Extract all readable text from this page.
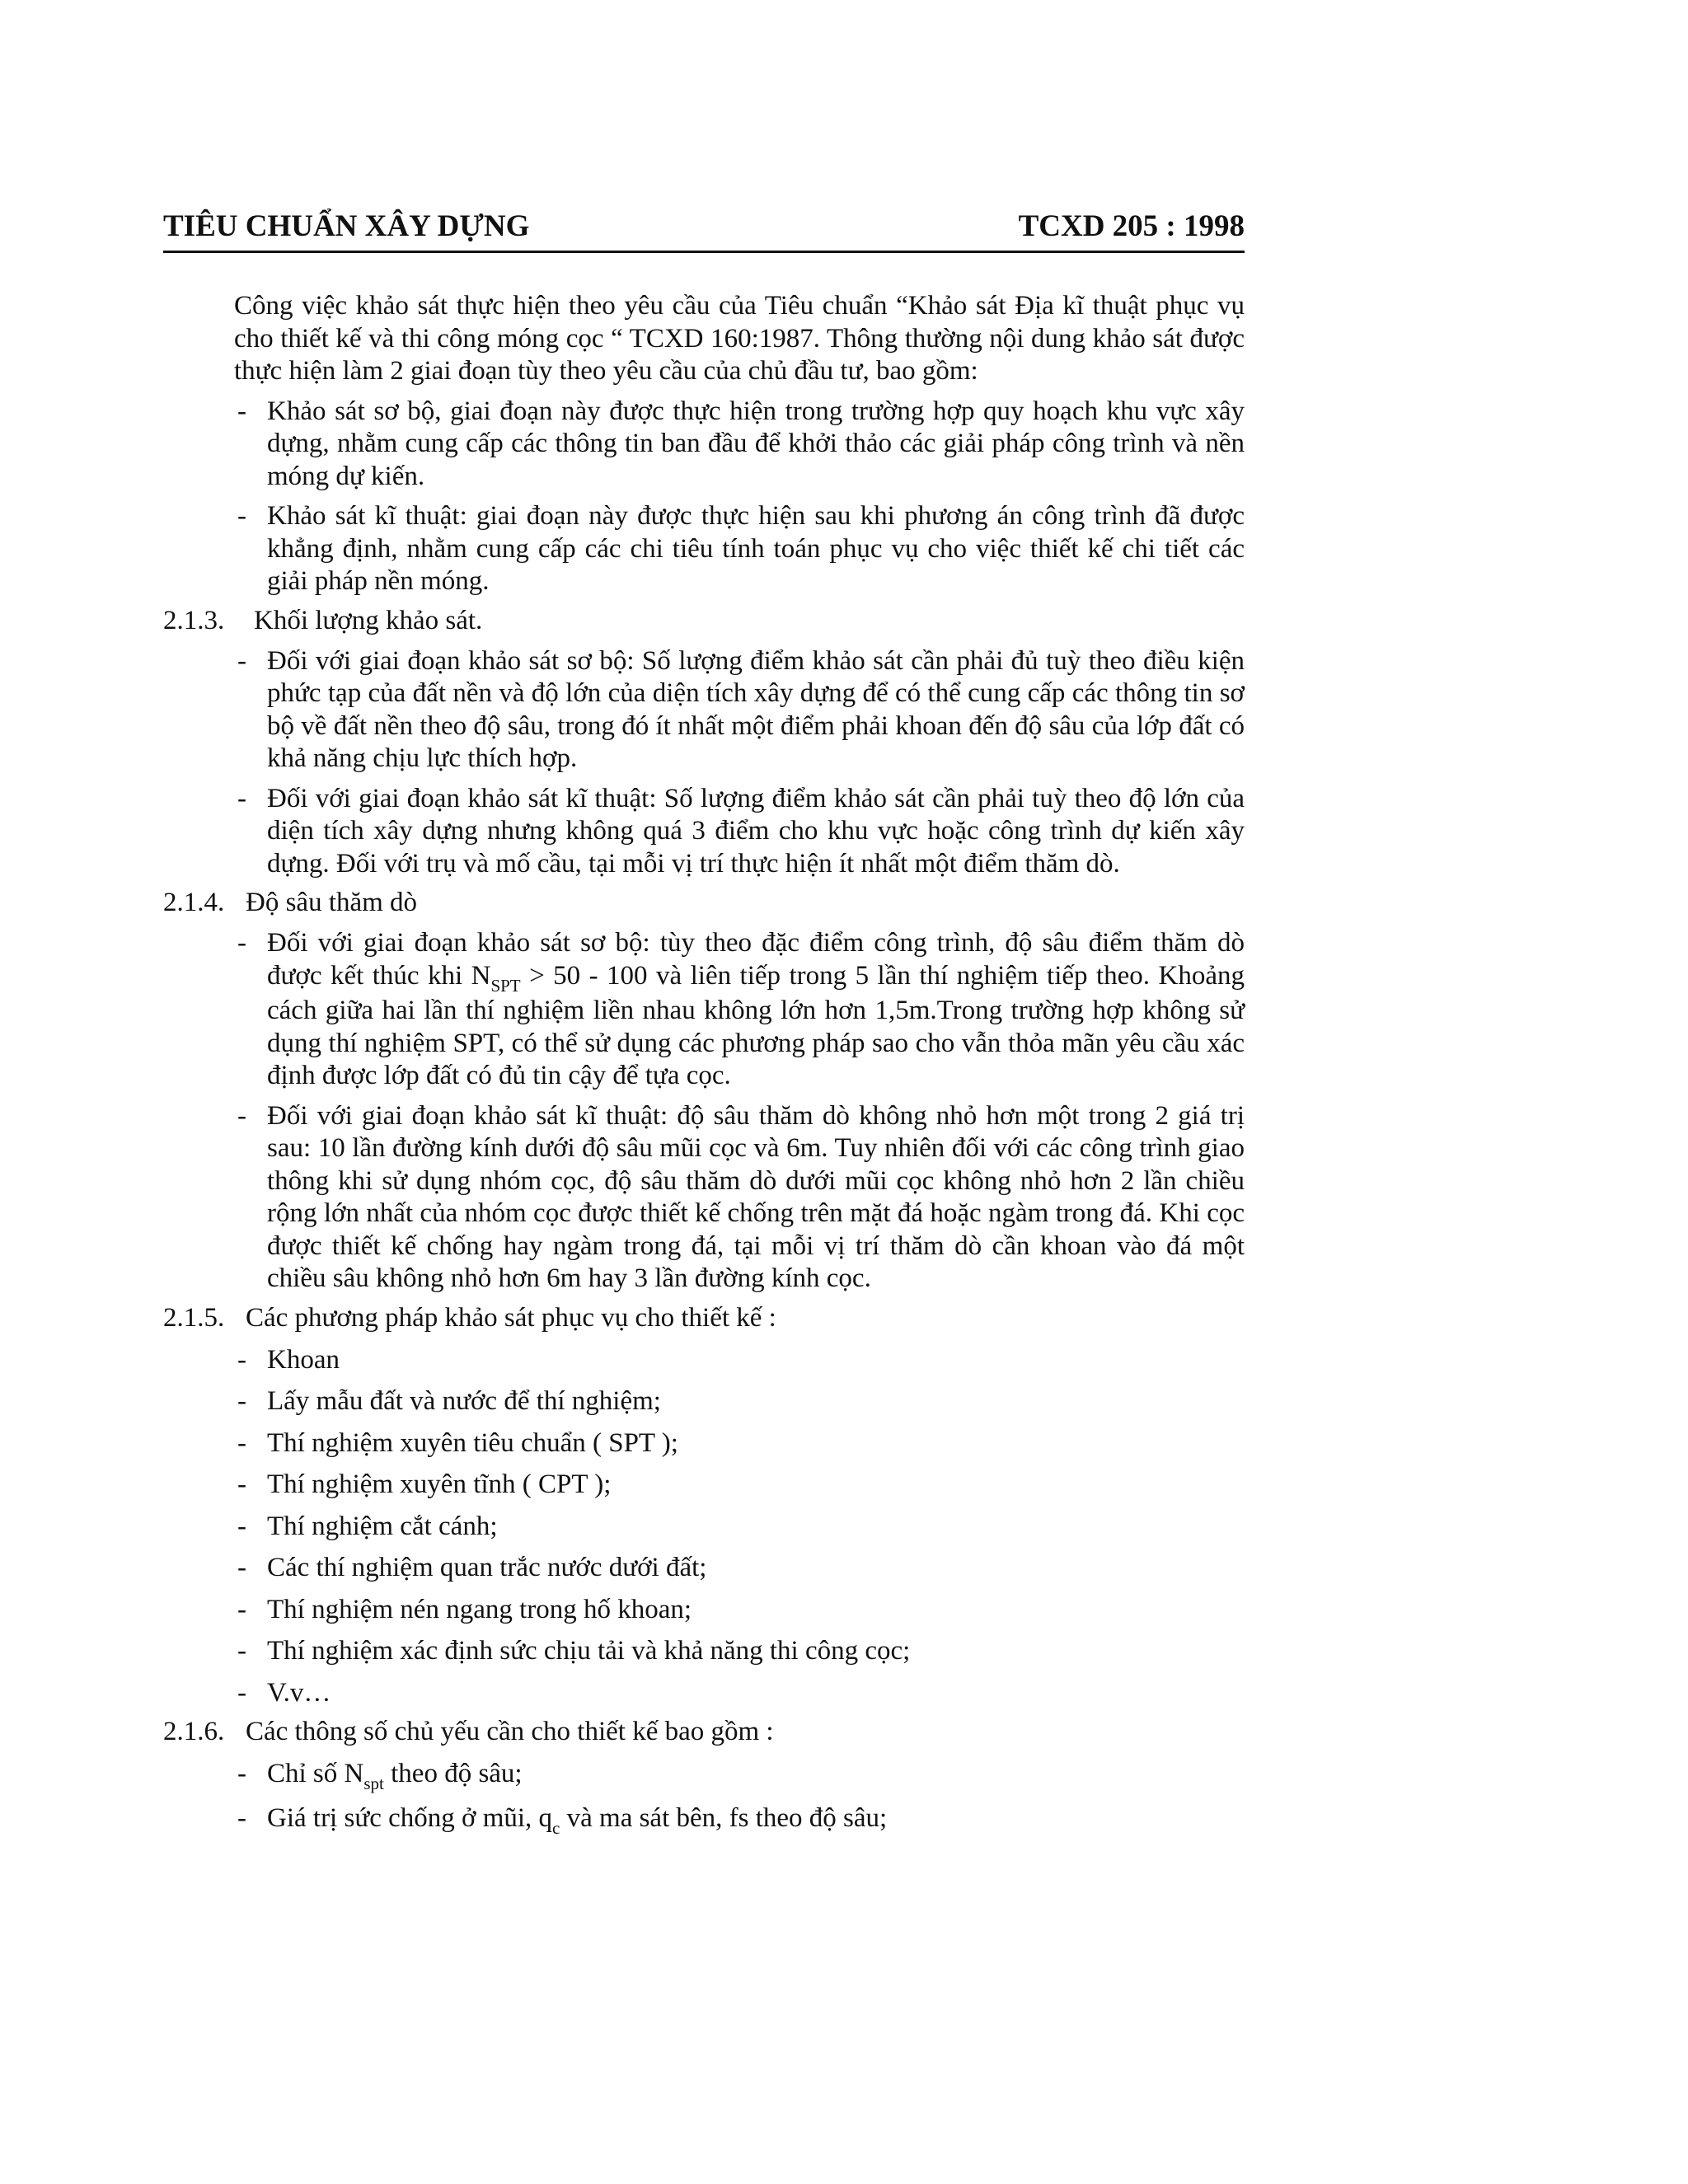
TIÊU CHUẨN XÂY DỰNG	TCXD 205 : 1998
Công việc khảo sát thực hiện theo yêu cầu của Tiêu chuẩn “Khảo sát Địa kĩ thuật phục vụ cho thiết kế và thi công móng cọc “ TCXD 160:1987. Thông thường nội dung khảo sát được thực hiện làm 2 giai đoạn tùy theo yêu cầu của chủ đầu tư, bao gồm:
- Khảo sát sơ bộ, giai đoạn này được thực hiện trong trường hợp quy hoạch khu vực xây dựng, nhằm cung cấp các thông tin ban đầu để khởi thảo các giải pháp công trình và nền móng dự kiến.
- Khảo sát kĩ thuật: giai đoạn này được thực hiện sau khi phương án công trình đã được khẳng định, nhằm cung cấp các chi tiêu tính toán phục vụ cho việc thiết kế chi tiết các giải pháp nền móng.
2.1.3. Khối lượng khảo sát.
- Đối với giai đoạn khảo sát sơ bộ: Số lượng điểm khảo sát cần phải đủ tuỳ theo điều kiện phức tạp của đất nền và độ lớn của diện tích xây dựng để có thể cung cấp các thông tin sơ bộ về đất nền theo độ sâu, trong đó ít nhất một điểm phải khoan đến độ sâu của lớp đất có khả năng chịu lực thích hợp.
- Đối với giai đoạn khảo sát kĩ thuật: Số lượng điểm khảo sát cần phải tuỳ theo độ lớn của diện tích xây dựng nhưng không quá 3 điểm cho khu vực hoặc công trình dự kiến xây dựng. Đối với trụ và mố cầu, tại mỗi vị trí thực hiện ít nhất một điểm thăm dò.
2.1.4. Độ sâu thăm dò
- Đối với giai đoạn khảo sát sơ bộ: tùy theo đặc điểm công trình, độ sâu điểm thăm dò được kết thúc khi $N_{SPT} > 50 - 100$ và liên tiếp trong 5 lần thí nghiệm tiếp theo. Khoảng cách giữa hai lần thí nghiệm liền nhau không lớn hơn 1,5m.Trong trường hợp không sử dụng thí nghiệm SPT, có thể sử dụng các phương pháp sao cho vẫn thỏa mãn yêu cầu xác định được lớp đất có đủ tin cậy để tựa cọc.
- Đối với giai đoạn khảo sát kĩ thuật: độ sâu thăm dò không nhỏ hơn một trong 2 giá trị sau: 10 lần đường kính dưới độ sâu mũi cọc và 6m. Tuy nhiên đối với các công trình giao thông khi sử dụng nhóm cọc, độ sâu thăm dò dưới mũi cọc không nhỏ hơn 2 lần chiều rộng lớn nhất của nhóm cọc được thiết kế chống trên mặt đá hoặc ngàm trong đá. Khi cọc được thiết kế chống hay ngàm trong đá, tại mỗi vị trí thăm dò cần khoan vào đá một chiều sâu không nhỏ hơn 6m hay 3 lần đường kính cọc.
2.1.5. Các phương pháp khảo sát phục vụ cho thiết kế :
- Khoan
- Lấy mẫu đất và nước để thí nghiệm;
- Thí nghiệm xuyên tiêu chuẩn ( SPT );
- Thí nghiệm xuyên tĩnh ( CPT );
- Thí nghiệm cắt cánh;
- Các thí nghiệm quan trắc nước dưới đất;
- Thí nghiệm nén ngang trong hố khoan;
- Thí nghiệm xác định sức chịu tải và khả năng thi công cọc;
- V.v…
2.1.6. Các thông số chủ yếu cần cho thiết kế bao gồm :
- Chỉ số $N_{spt}$ theo độ sâu;
- Giá trị sức chống ở mũi, $q_c$ và ma sát bên, fs theo độ sâu;
